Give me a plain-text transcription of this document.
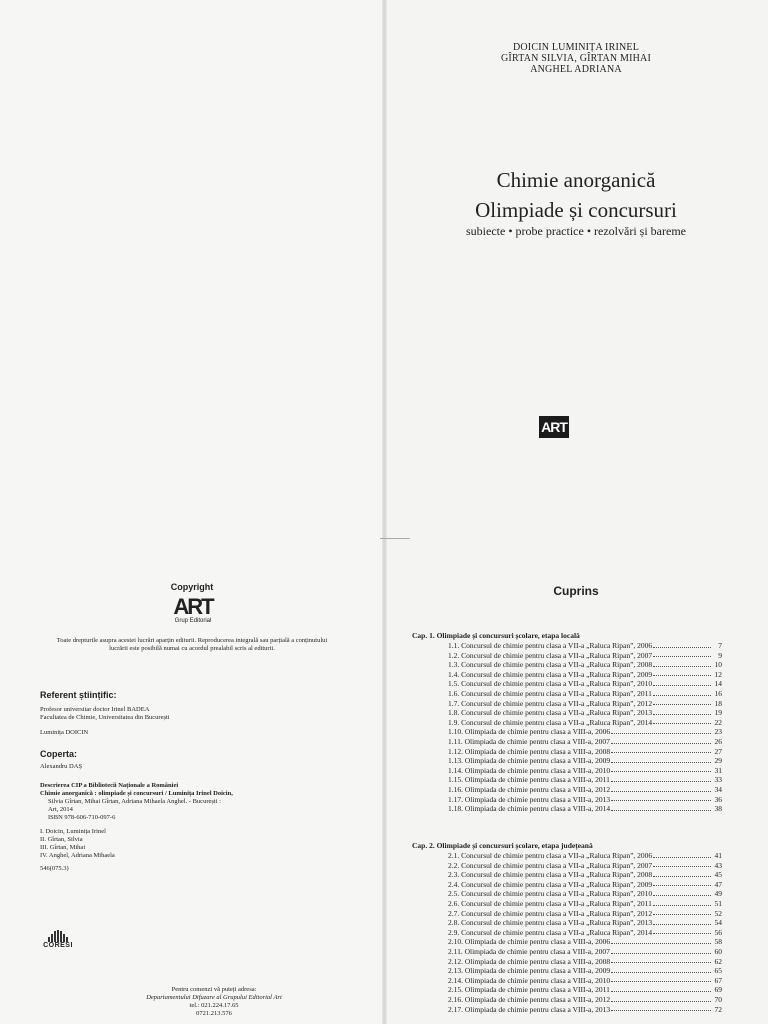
DOICIN LUMINIȚA IRINEL
GÎRTAN SILVIA, GÎRTAN MIHAI
ANGHEL ADRIANA
Chimie anorganică
Olimpiade și concursuri
subiecte • probe practice • rezolvări și bareme
ART
Copyright
ART
Grup Editorial
Toate drepturile asupra acestei lucrări aparțin editurii. Reproducerea integrală sau parțială a conținutului lucrării este posibilă numai cu acordul prealabil scris al editurii.
Referent științific:
Profesor universitar doctor Irinel BADEA
Facultatea de Chimie, Universitatea din București
Luminița DOICIN
Coperta:
Alexandru DAȘ
Descrierea CIP a Bibliotecii Naționale a României
Chimie anorganică : olimpiade și concursuri / Luminița Irinel Doicin,
Silvia Gîrtan, Mihai Gîrtan, Adriana Mihaela Anghel. - București :
Art, 2014
ISBN 978-606-710-097-6
I. Doicin, Luminița Irinel
II. Gîrtan, Silvia
III. Gîrtan, Mihai
IV. Anghel, Adriana Mihaela
546(075.3)
CORESI
Pentru comenzi vă puteți adresa:
Departamentului Difuzare al Grupului Editorial Art
tel.: 021.224.17.65
0721.213.576
Cuprins
Cap. 1. Olimpiade și concursuri școlare, etapa locală
1.1. Concursul de chimie pentru clasa a VII-a „Raluca Ripan”, 2006	7
1.2. Concursul de chimie pentru clasa a VII-a „Raluca Ripan”, 2007	9
1.3. Concursul de chimie pentru clasa a VII-a „Raluca Ripan”, 2008	10
1.4. Concursul de chimie pentru clasa a VII-a „Raluca Ripan”, 2009	12
1.5. Concursul de chimie pentru clasa a VII-a „Raluca Ripan”, 2010	14
1.6. Concursul de chimie pentru clasa a VII-a „Raluca Ripan”, 2011	16
1.7. Concursul de chimie pentru clasa a VII-a „Raluca Ripan”, 2012	18
1.8. Concursul de chimie pentru clasa a VII-a „Raluca Ripan”, 2013	19
1.9. Concursul de chimie pentru clasa a VII-a „Raluca Ripan”, 2014	22
1.10. Olimpiada de chimie pentru clasa a VIII-a, 2006	23
1.11. Olimpiada de chimie pentru clasa a VIII-a, 2007	26
1.12. Olimpiada de chimie pentru clasa a VIII-a, 2008	27
1.13. Olimpiada de chimie pentru clasa a VIII-a, 2009	29
1.14. Olimpiada de chimie pentru clasa a VIII-a, 2010	31
1.15. Olimpiada de chimie pentru clasa a VIII-a, 2011	33
1.16. Olimpiada de chimie pentru clasa a VIII-a, 2012	34
1.17. Olimpiada de chimie pentru clasa a VIII-a, 2013	36
1.18. Olimpiada de chimie pentru clasa a VIII-a, 2014	38
Cap. 2. Olimpiade și concursuri școlare, etapa județeană
2.1. Concursul de chimie pentru clasa a VII-a „Raluca Ripan”, 2006	41
2.2. Concursul de chimie pentru clasa a VII-a „Raluca Ripan”, 2007	43
2.3. Concursul de chimie pentru clasa a VII-a „Raluca Ripan”, 2008	45
2.4. Concursul de chimie pentru clasa a VII-a „Raluca Ripan”, 2009	47
2.5. Concursul de chimie pentru clasa a VII-a „Raluca Ripan”, 2010	49
2.6. Concursul de chimie pentru clasa a VII-a „Raluca Ripan”, 2011	51
2.7. Concursul de chimie pentru clasa a VII-a „Raluca Ripan”, 2012	52
2.8. Concursul de chimie pentru clasa a VII-a „Raluca Ripan”, 2013	54
2.9. Concursul de chimie pentru clasa a VII-a „Raluca Ripan”, 2014	56
2.10. Olimpiada de chimie pentru clasa a VIII-a, 2006	58
2.11. Olimpiada de chimie pentru clasa a VIII-a, 2007	60
2.12. Olimpiada de chimie pentru clasa a VIII-a, 2008	62
2.13. Olimpiada de chimie pentru clasa a VIII-a, 2009	65
2.14. Olimpiada de chimie pentru clasa a VIII-a, 2010	67
2.15. Olimpiada de chimie pentru clasa a VIII-a, 2011	69
2.16. Olimpiada de chimie pentru clasa a VIII-a, 2012	70
2.17. Olimpiada de chimie pentru clasa a VIII-a, 2013	72
